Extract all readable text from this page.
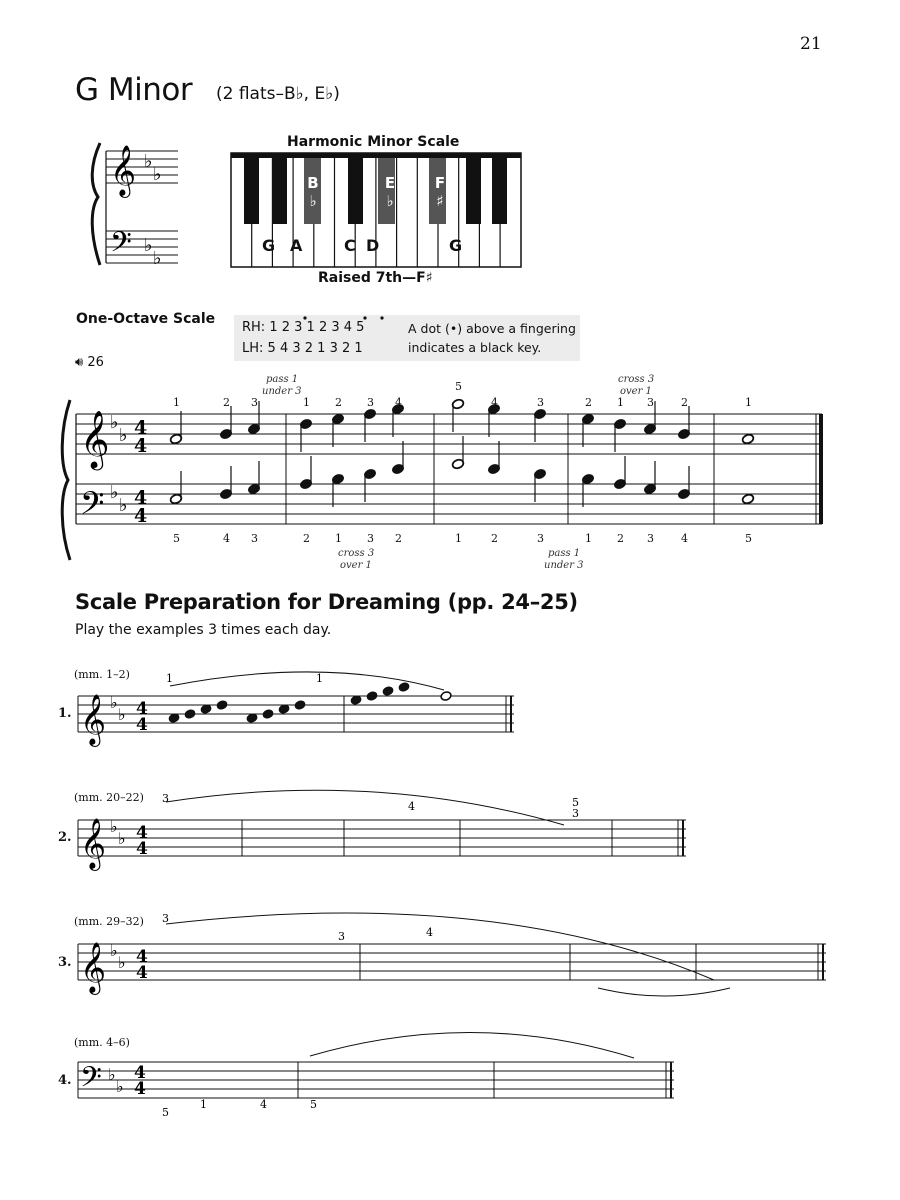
21
G Minor (2 flats–B♭, E♭)
𝄞
𝄢
♭
♭
♭
♭
Harmonic Minor Scale
G A	C D	G
B
♭
E
♭
F
♯
Raised 7th—F♯
One-Octave Scale
RH: 1 2 3 1 2 3 4 5
LH: 5 4 3 2 1 3 2 1
A dot (•) above a fingering
indicates a black key.
🔊︎ 26
𝄞
𝄢
♭
♭
♭
♭
4
4
4
4
1
5
2
4
3
3
1
2
2
1
3
3
4
2
5
1
4
2
3
3
2
1
1
2
3
3
2
4
1
5
pass 1
under 3
cross 3
over 1
cross 3
over 1
pass 1
under 3
Scale Preparation for Dreaming (pp. 24–25)
Play the examples 3 times each day.
(mm. 1–2)
1. 𝄞 ♭
♭ 4
4
1	1
(mm. 20–22)
2. 𝄞 ♭
♭ 4
4
3
4	5
3
(mm. 29–32)
3. 𝄞 ♭
♭ 4
4
3
3	4
(mm. 4–6)
4. 𝄢 ♭
♭
4
4
5
1	4	5
